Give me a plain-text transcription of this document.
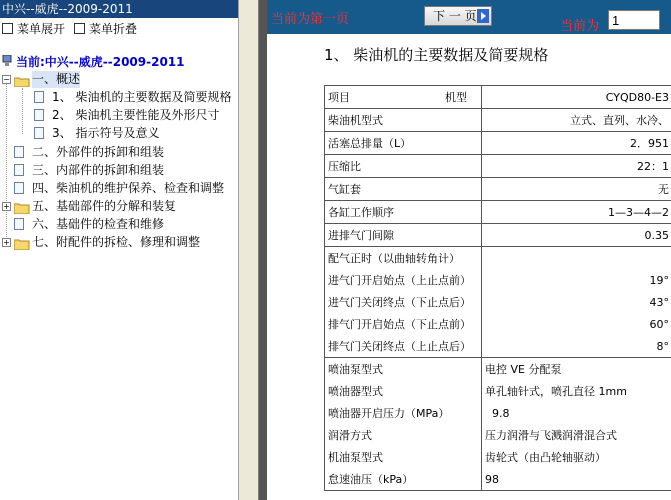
中兴--威虎--2009-2011
菜单展开	菜单折叠
当前:中兴--威虎--2009-2011
− 一、概述
1、 柴油机的主要数据及简要规格
2、 柴油机主要性能及外形尺寸
3、 指示符号及意义
二、外部件的拆卸和组装
三、内部件的拆卸和组装
四、柴油机的维护保养、检查和调整
+ 五、基础部件的分解和装复
六、基础件的检查和维修
+ 七、附配件的拆检、修理和调整
当前为第一页	下 一 页
当前为
1
1、 柴油机的主要数据及简要规格
项目 机型	CYQD80-E3
柴油机型式	立式、直列、水冷、
活塞总排量（L）	2．951
压缩比	22：1
气缸套	无
各缸工作顺序	1—3—4—2
进排气门间隙	0.35
配气正时（以曲轴转角计）	
进气门开启始点（上止点前）	19°
进气门关闭终点（下止点后）	43°
排气门开启始点（下止点前）	60°
排气门关闭终点（上止点后）	8°
喷油泵型式	电控 VE 分配泵
喷油器型式	单孔轴针式，喷孔直径 1mm
喷油器开启压力（MPa）	9.8
润滑方式	压力润滑与飞溅润滑混合式
机油泵型式	齿轮式（由凸轮轴驱动）
怠速油压（kPa）	98
